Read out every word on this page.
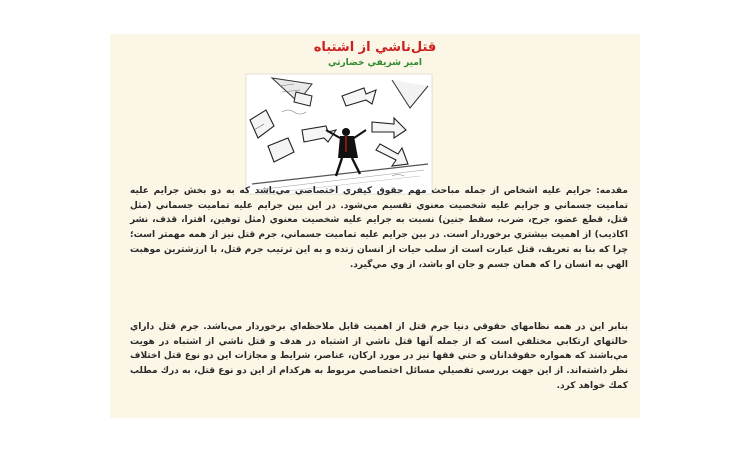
قتل‌ناشي از اشتباه
امير شريفي خضارتي
مقدمه: جرايم عليه اشخاص از جمله مباحث مهم حقوق كيفري اختصاصي مي‌باشد كه به دو بخش جرايم عليه تماميت جسماني و جرايم عليه شخصيت معنوي تقسيم مي‌شود. در اين بين جرايم عليه تماميت جسماني (مثل قتل، قطع عضو، جرح، ضرب، سقط جنين) نسبت به جرايم عليه شخصيت معنوي (مثل توهين، افترا، قذف، نشر اكاذيب) از اهميت بيشتري برخوردار است. در بين جرايم عليه تماميت جسماني، جرم قتل نيز از همه مهمتر است؛ چرا كه بنا به تعريف، قتل عبارت است از سلب حيات از انسان زنده و به اين ترتيب جرم قتل، با ارزشترين موهبت الهي به انسان را كه همان جسم و جان او باشد، از وي مي‌گيرد.
بنابر اين در همه نظامهاي حقوقي دنيا جرم قتل از اهميت قابل ملاحظه‌اي برخوردار مي‌باشد. جرم قتل داراي حالتهاي ارتكابي مختلفي است كه از جمله آنها قتل ناشي از اشتباه در هدف و قتل ناشي از اشتباه در هويت مي‌باشند كه همواره حقوقدانان و حتي فقها نيز در مورد اركان، عناصر، شرايط و مجازات اين دو نوع قتل اختلاف نظر داشته‌اند. از اين جهت بررسي تفصيلي مسائل اختصاصي مربوط به هركدام از اين دو نوع قتل، به درك مطلب كمك خواهد كرد.
